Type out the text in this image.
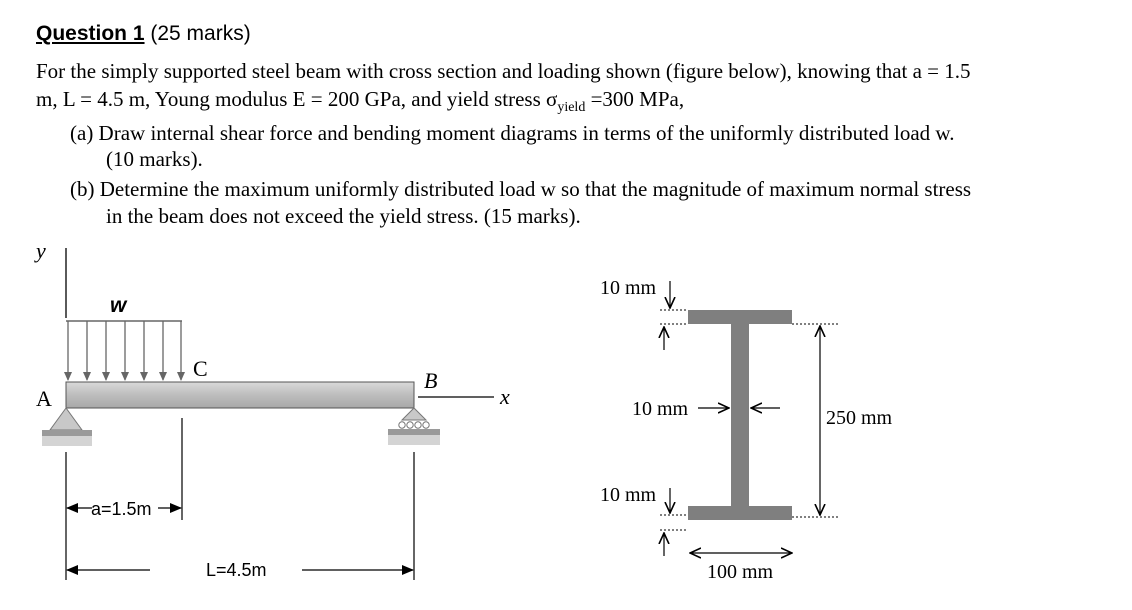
Question 1 (25 marks)
For the simply supported steel beam with cross section and loading shown (figure below), knowing that a = 1.5
m, L = 4.5 m, Young modulus E = 200 GPa, and yield stress $\sigma_{yield} =300$ MPa,
(a) Draw internal shear force and bending moment diagrams in terms of the uniformly distributed load w.
(10 marks).
(b) Determine the maximum uniformly distributed load w so that the magnitude of maximum normal stress
in the beam does not exceed the yield stress. (15 marks).
y
w
A
C	B
x
a=1.5m
L=4.5m
10 mm
10 mm	250 mm
10 mm
100 mm
